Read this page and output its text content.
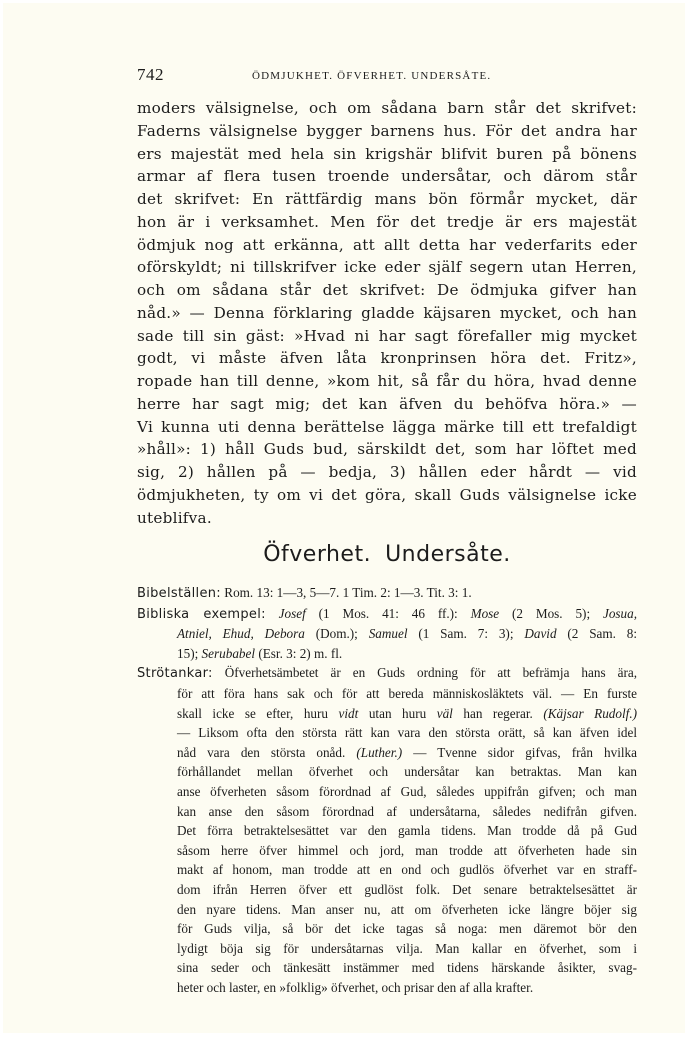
742	ÖDMJUKHET. ÖFVERHET. UNDERSÅTE.

moders välsignelse, och om sådana barn står det skrifvet:
Faderns välsignelse bygger barnens hus. För det andra har
ers majestät med hela sin krigshär blifvit buren på bönens
armar af flera tusen troende undersåtar, och därom står
det skrifvet: En rättfärdig mans bön förmår mycket, där
hon är i verksamhet. Men för det tredje är ers majestät
ödmjuk nog att erkänna, att allt detta har vederfarits eder
oförskyldt; ni tillskrifver icke eder själf segern utan Herren,
och om sådana står det skrifvet: De ödmjuka gifver han
nåd.» — Denna förklaring gladde käjsaren mycket, och han
sade till sin gäst: »Hvad ni har sagt förefaller mig mycket
godt, vi måste äfven låta kronprinsen höra det. Fritz»,
ropade han till denne, »kom hit, så får du höra, hvad denne
herre har sagt mig; det kan äfven du behöfva höra.» —
Vi kunna uti denna berättelse lägga märke till ett trefaldigt
»håll»: 1) håll Guds bud, särskildt det, som har löftet med
sig, 2) hållen på — bedja, 3) hållen eder hårdt — vid
ödmjukheten, ty om vi det göra, skall Guds välsignelse icke
uteblifva.

Öfverhet. Undersåte.

Bibelställen: Rom. 13: 1—3, 5—7. 1 Tim. 2: 1—3. Tit. 3: 1.

Bibliska exempel: Josef (1 Mos. 41: 46 ff.): Mose (2 Mos. 5); Josua,
Atniel, Ehud, Debora (Dom.); Samuel (1 Sam. 7: 3); David (2 Sam. 8:
15); Serubabel (Esr. 3: 2) m. fl.

Strötankar: Öfverhetsämbetet är en Guds ordning för att befrämja hans ära,
för att föra hans sak och för att bereda människosläktets väl. — En furste
skall icke se efter, huru vidt utan huru väl han regerar. (Käjsar Rudolf.)
— Liksom ofta den största rätt kan vara den största orätt, så kan äfven idel
nåd vara den största onåd. (Luther.) — Tvenne sidor gifvas, från hvilka
förhållandet mellan öfverhet och undersåtar kan betraktas. Man kan
anse öfverheten såsom förordnad af Gud, således uppifrån gifven; och man
kan anse den såsom förordnad af undersåtarna, således nedifrån gifven.
Det förra betraktelsesättet var den gamla tidens. Man trodde då på Gud
såsom herre öfver himmel och jord, man trodde att öfverheten hade sin
makt af honom, man trodde att en ond och gudlös öfverhet var en straff-
dom ifrån Herren öfver ett gudlöst folk. Det senare betraktelsesättet är
den nyare tidens. Man anser nu, att om öfverheten icke längre böjer sig
för Guds vilja, så bör det icke tagas så noga: men däremot bör den
lydigt böja sig för undersåtarnas vilja. Man kallar en öfverhet, som i
sina seder och tänkesätt instämmer med tidens härskande åsikter, svag-
heter och laster, en »folklig» öfverhet, och prisar den af alla krafter.
